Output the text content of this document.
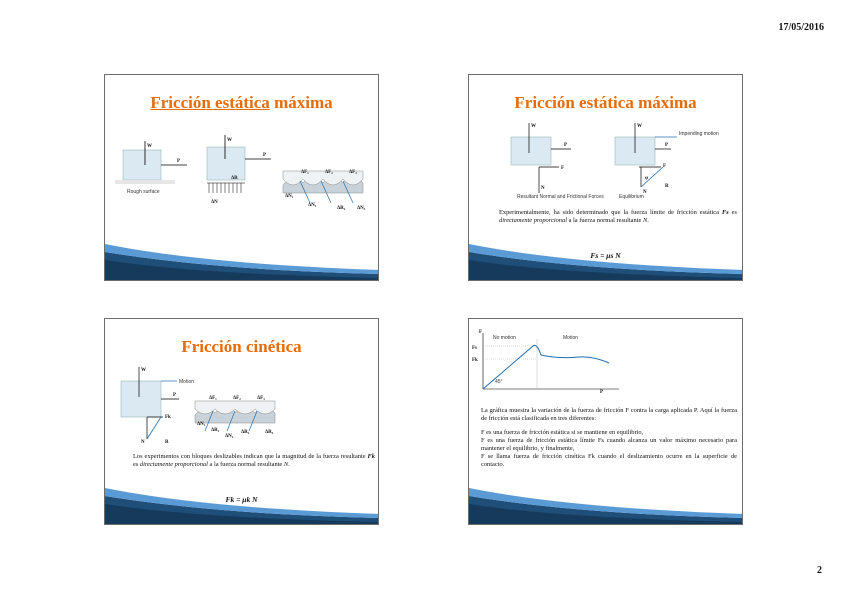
17/05/2016
Fricción estática máxima
W
P
Rough surface
W
P
ΔR
ΔN
ΔF₁	ΔF₂	ΔF₃
ΔN₁
ΔN₂
ΔR₂ ΔN₃
Fricción estática máxima
W
P
F
N
Resultant Normal and Frictional Forces
W
Impending motion
P
F
N
R
φ
Equilibrium

Experimentalmente, ha sido determinado que la fuerza límite de fricción estática Fs es directamente proporcional a la fuerza normal resultante N.

Fs = μs N
Fricción cinética
W
Motion
P
Fk
N	R
ΔF₁	ΔF₂	ΔF₃
ΔN₁
ΔR₁
ΔN₂
ΔR₂	ΔR₃

Los experimentos con bloques deslizables indican que la magnitud de la fuerza resultante Fk es directamente proporcional a la fuerza normal resultante N.

Fk = μk N
F
P
No motion	Motion
Fs
Fk
45°
La gráfica muestra la variación de la fuerza de fricción F contra la carga aplicada P. Aquí la fuerza de fricción está clasificada en tres diferentes:
F es una fuerza de fricción estática si se mantiene en equilibrio,
F es una fuerza de fricción estática límite Fs cuando alcanza un valor máximo necesario para mantener el equilibrio, y finalmente,
F se llama fuerza de fricción cinética Fk cuando el deslizamiento ocurre en la superficie de contacto.
2
